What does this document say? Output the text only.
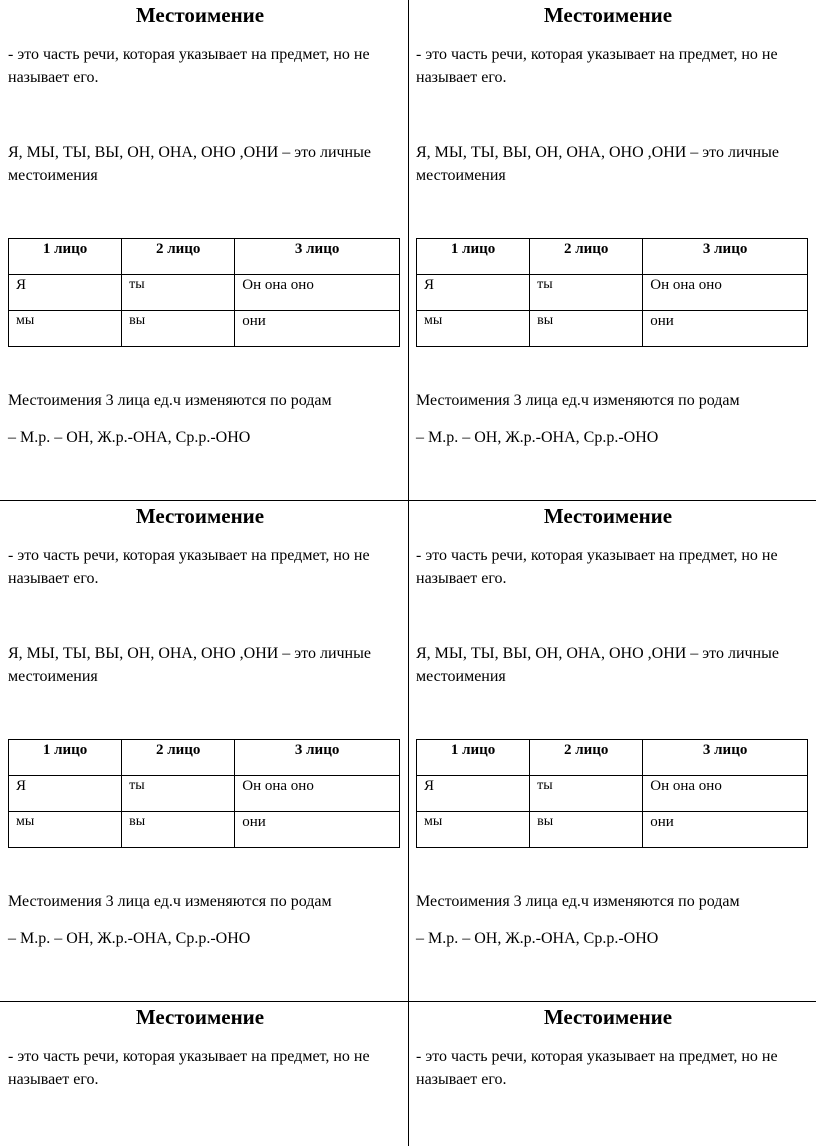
Местоимение

- это часть речи, которая указывает на предмет, но не называет его.

Я, МЫ, ТЫ, ВЫ, ОН, ОНА, ОНО ,ОНИ – это личные местоимения

1 лицо	2 лицо	3 лицо
Я	ты	Он она оно
мы	вы	они

Местоимения 3 лица ед.ч изменяются по родам

– М.р. – ОН, Ж.р.-ОНА, Ср.р.-ОНО

Местоимение

- это часть речи, которая указывает на предмет, но не называет его.

Я, МЫ, ТЫ, ВЫ, ОН, ОНА, ОНО ,ОНИ – это личные местоимения

1 лицо	2 лицо	3 лицо
Я	ты	Он она оно
мы	вы	они

Местоимения 3 лица ед.ч изменяются по родам

– М.р. – ОН, Ж.р.-ОНА, Ср.р.-ОНО

Местоимение

- это часть речи, которая указывает на предмет, но не называет его.

Я, МЫ, ТЫ, ВЫ, ОН, ОНА, ОНО ,ОНИ – это личные местоимения

1 лицо	2 лицо	3 лицо
Я	ты	Он она оно
мы	вы	они

Местоимения 3 лица ед.ч изменяются по родам

– М.р. – ОН, Ж.р.-ОНА, Ср.р.-ОНО

Местоимение

- это часть речи, которая указывает на предмет, но не называет его.

Я, МЫ, ТЫ, ВЫ, ОН, ОНА, ОНО ,ОНИ – это личные местоимения

1 лицо	2 лицо	3 лицо
Я	ты	Он она оно
мы	вы	они

Местоимения 3 лица ед.ч изменяются по родам

– М.р. – ОН, Ж.р.-ОНА, Ср.р.-ОНО

Местоимение

- это часть речи, которая указывает на предмет, но не называет его.

Местоимение

- это часть речи, которая указывает на предмет, но не называет его.
